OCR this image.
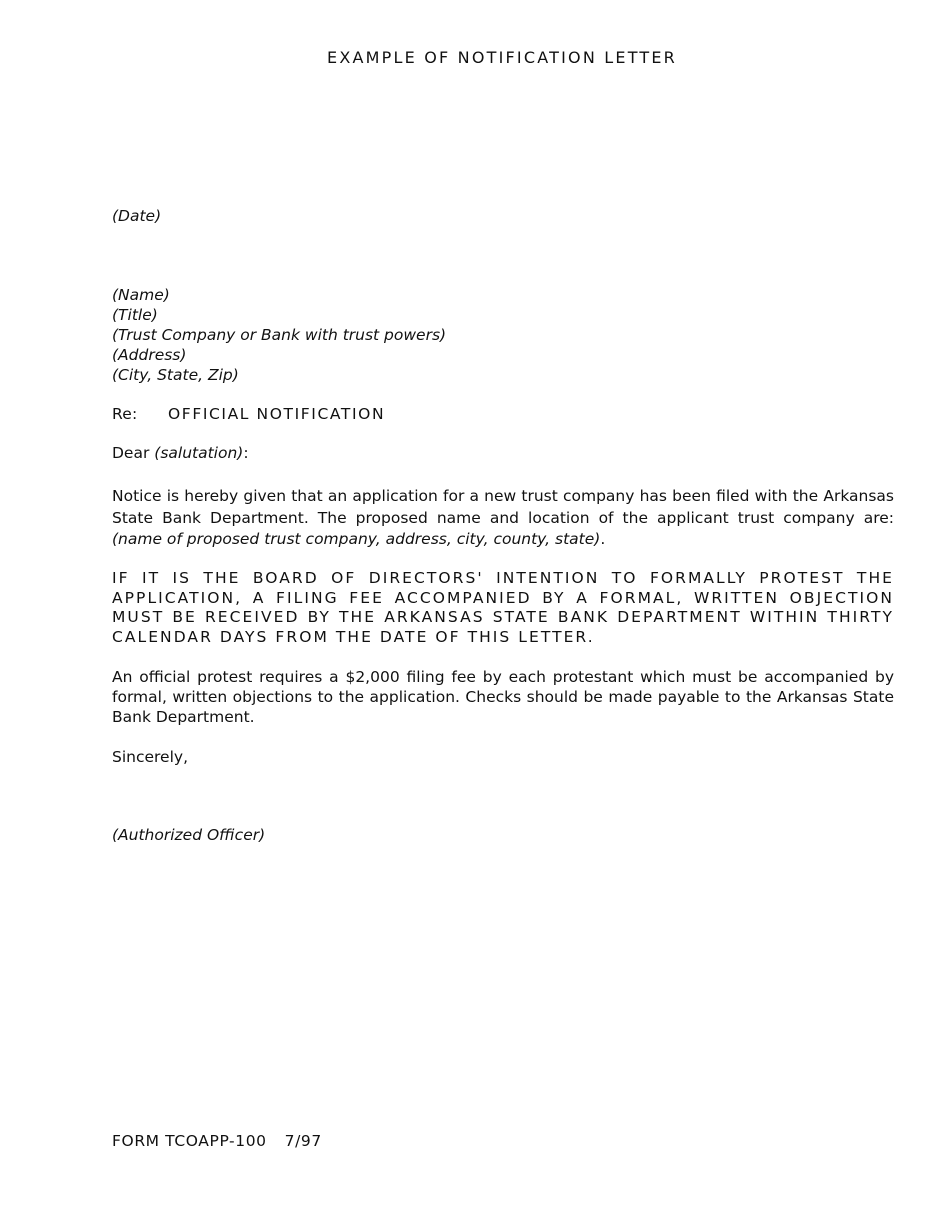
EXAMPLE OF NOTIFICATION LETTER
(Date)
(Name)
(Title)
(Trust Company or Bank with trust powers)
(Address)
(City, State, Zip)
Re: OFFICIAL NOTIFICATION
Dear (salutation):
Notice is hereby given that an application for a new trust company has been filed with the Arkansas State Bank Department. The proposed name and location of the applicant trust company are: (name of proposed trust company, address, city, county, state).
IF IT IS THE BOARD OF DIRECTORS' INTENTION TO FORMALLY PROTEST THE APPLICATION, A FILING FEE ACCOMPANIED BY A FORMAL, WRITTEN OBJECTION MUST BE RECEIVED BY THE ARKANSAS STATE BANK DEPARTMENT WITHIN THIRTY CALENDAR DAYS FROM THE DATE OF THIS LETTER.
An official protest requires a $2,000 filing fee by each protestant which must be accompanied by formal, written objections to the application. Checks should be made payable to the Arkansas State Bank Department.
Sincerely,
(Authorized Officer)
FORM TCOAPP-100 7/97
